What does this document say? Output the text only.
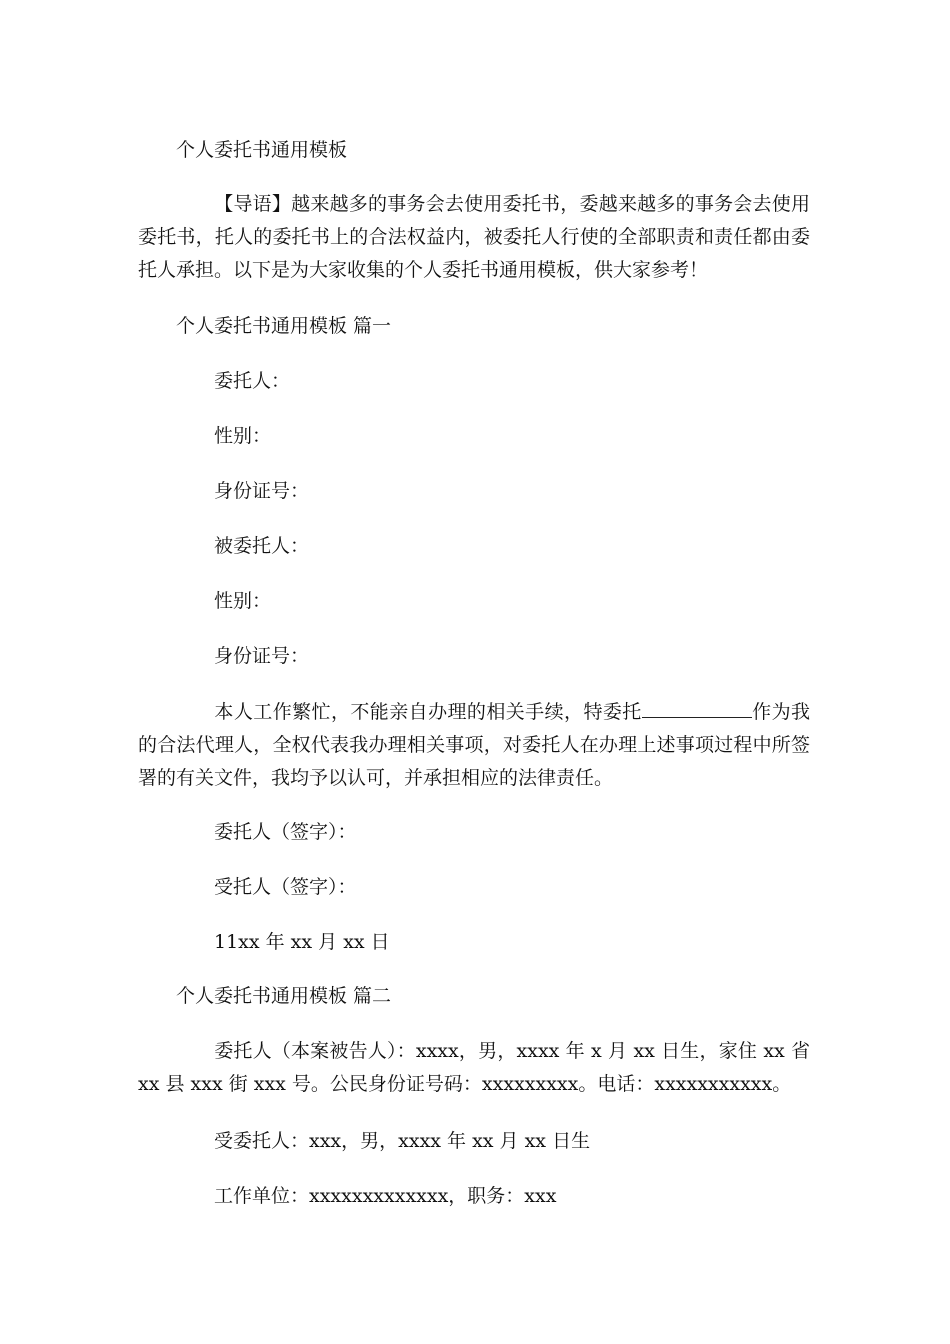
个人委托书通用模板
【导语】越来越多的事务会去使用委托书，委越来越多的事务会去使用委托书，托人的委托书上的合法权益内，被委托人行使的全部职责和责任都由委托人承担。以下是为大家收集的个人委托书通用模板，供大家参考！
个人委托书通用模板 篇一
委托人：
性别：
身份证号：
被委托人：
性别：
身份证号：
本人工作繁忙，不能亲自办理的相关手续，特委托	作为我的合法代理人，全权代表我办理相关事项，对委托人在办理上述事项过程中所签署的有关文件，我均予以认可，并承担相应的法律责任。
委托人（签字）：
受托人（签字）：
11xx 年 xx 月 xx 日
个人委托书通用模板 篇二
委托人（本案被告人）：xxxx，男，xxxx 年 x 月 xx 日生，家住 xx 省 xx 县 xxx 街 xxx 号。公民身份证号码：xxxxxxxxx。电话：xxxxxxxxxxx。
受委托人：xxx，男，xxxx 年 xx 月 xx 日生
工作单位：xxxxxxxxxxxxx，职务：xxx
